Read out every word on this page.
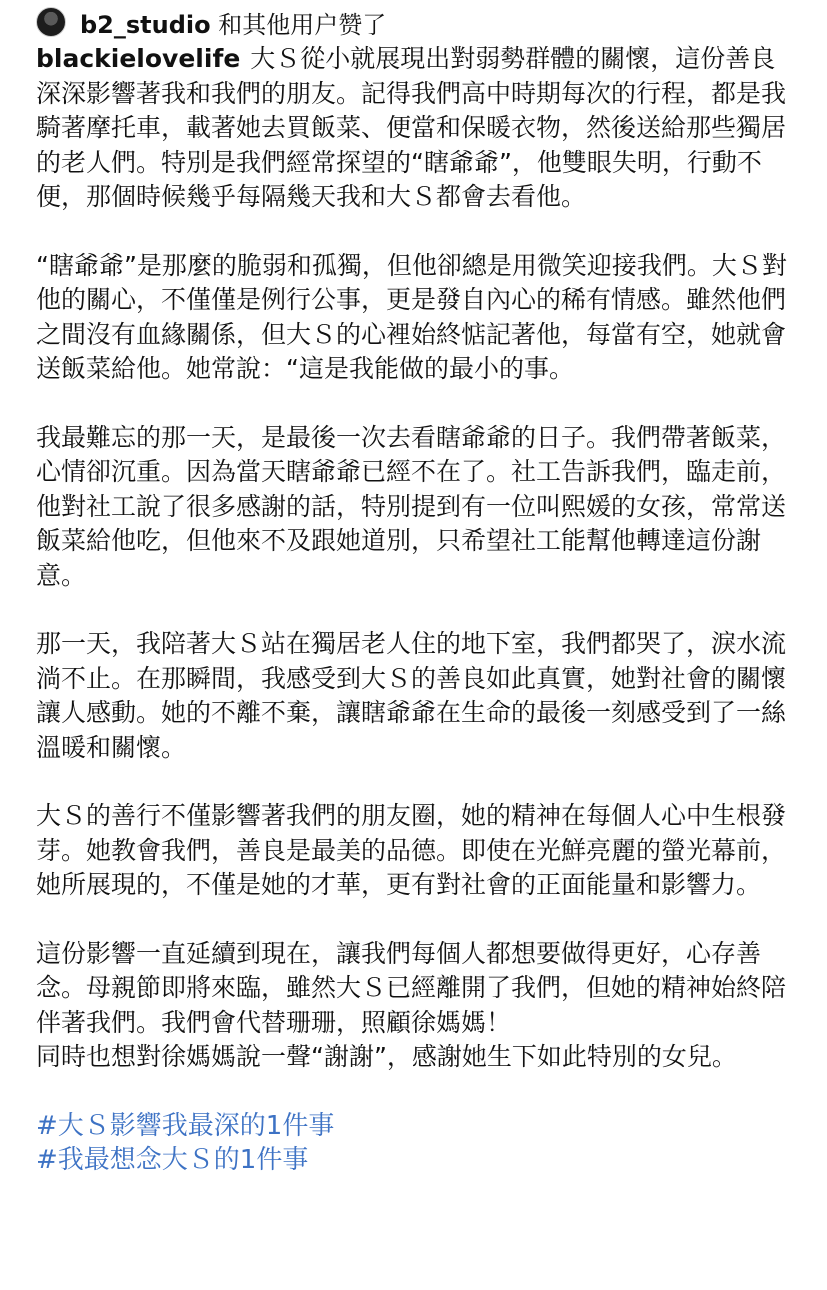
b2_studio 和其他用户赞了

blackielovelife 大Ｓ從小就展現出對弱勢群體的關懷，這份善良深深影響著我和我們的朋友。記得我們高中時期每次的行程，都是我騎著摩托車，載著她去買飯菜、便當和保暖衣物，然後送給那些獨居的老人們。特別是我們經常探望的“瞎爺爺”，他雙眼失明，行動不便，那個時候幾乎每隔幾天我和大Ｓ都會去看他。

“瞎爺爺”是那麼的脆弱和孤獨，但他卻總是用微笑迎接我們。大Ｓ對他的關心，不僅僅是例行公事，更是發自內心的稀有情感。雖然他們之間沒有血緣關係，但大Ｓ的心裡始終惦記著他，每當有空，她就會送飯菜給他。她常說：“這是我能做的最小的事。

我最難忘的那一天，是最後一次去看瞎爺爺的日子。我們帶著飯菜，心情卻沉重。因為當天瞎爺爺已經不在了。社工告訴我們，臨走前，他對社工說了很多感謝的話，特別提到有一位叫熙媛的女孩，常常送飯菜給他吃，但他來不及跟她道別，只希望社工能幫他轉達這份謝意。

那一天，我陪著大Ｓ站在獨居老人住的地下室，我們都哭了，淚水流淌不止。在那瞬間，我感受到大Ｓ的善良如此真實，她對社會的關懷讓人感動。她的不離不棄，讓瞎爺爺在生命的最後一刻感受到了一絲溫暖和關懷。

大Ｓ的善行不僅影響著我們的朋友圈，她的精神在每個人心中生根發芽。她教會我們，善良是最美的品德。即使在光鮮亮麗的螢光幕前，她所展現的，不僅是她的才華，更有對社會的正面能量和影響力。

這份影響一直延續到現在，讓我們每個人都想要做得更好，心存善念。母親節即將來臨，雖然大Ｓ已經離開了我們，但她的精神始終陪伴著我們。我們會代替珊珊，照顧徐媽媽！

同時也想對徐媽媽說一聲“謝謝”，感謝她生下如此特別的女兒。

#大Ｓ影響我最深的1件事
#我最想念大Ｓ的1件事
